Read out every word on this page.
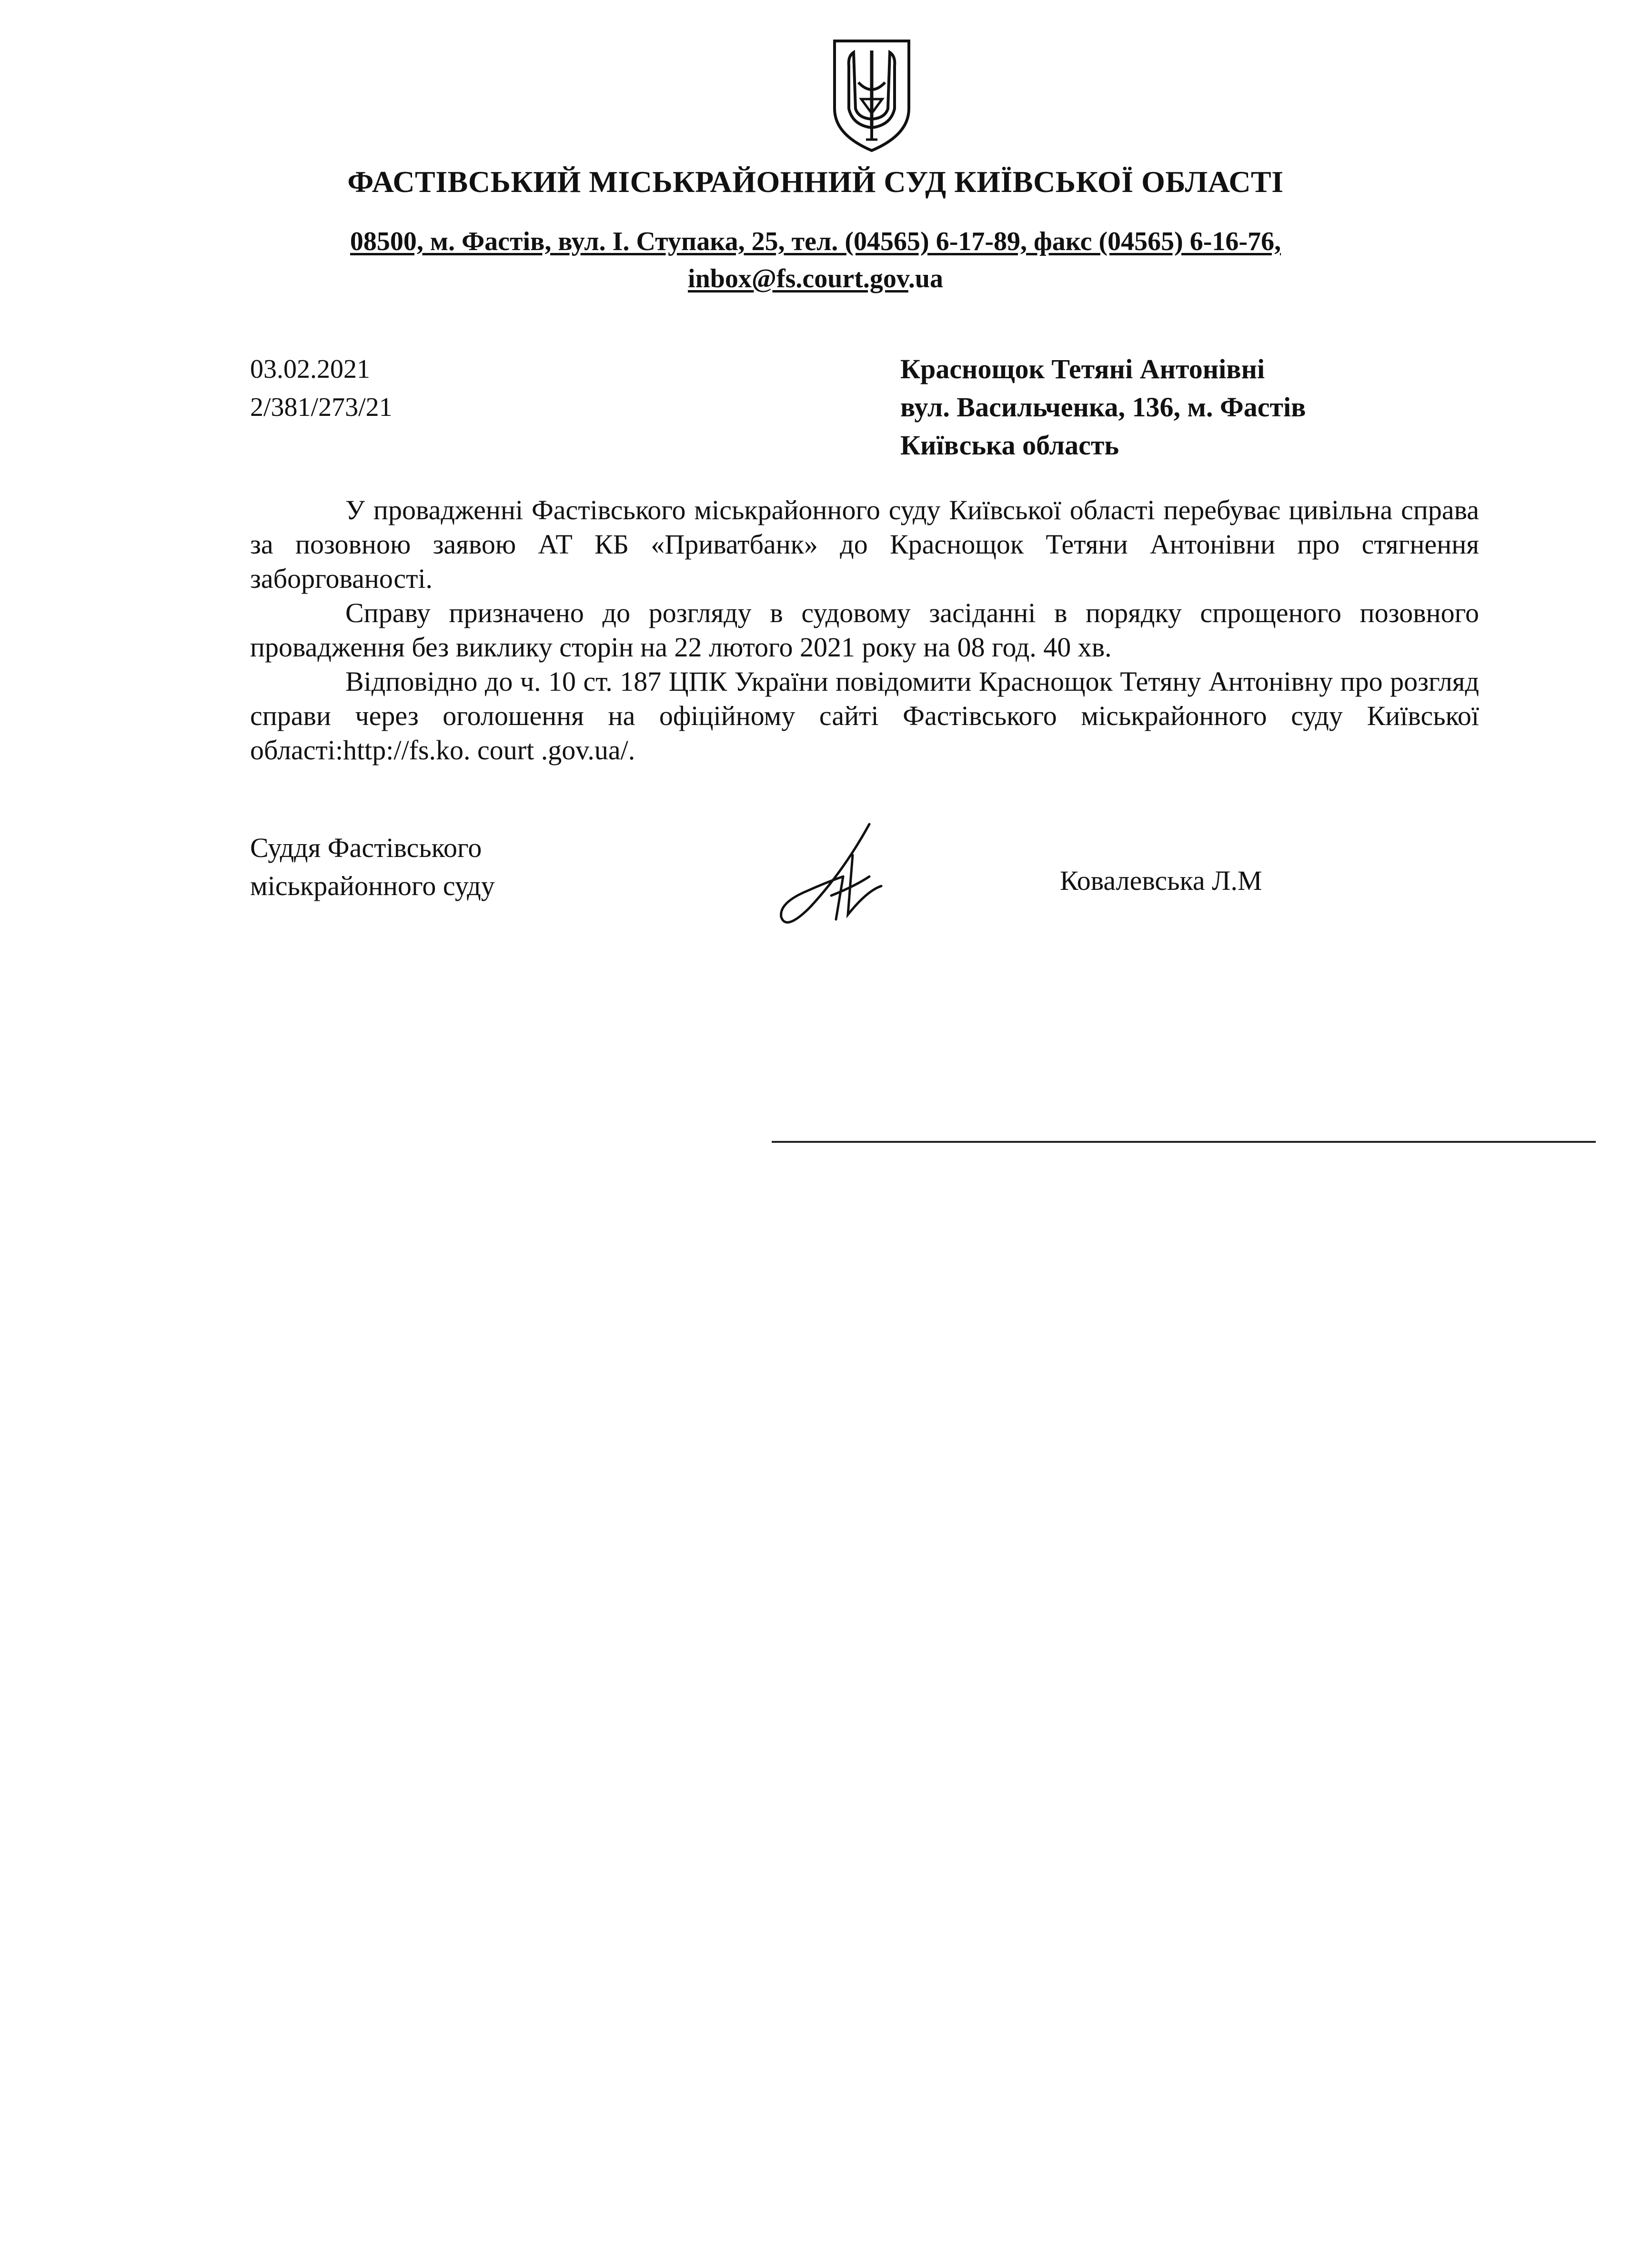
ФАСТІВСЬКИЙ МІСЬКРАЙОННИЙ СУД КИЇВСЬКОЇ ОБЛАСТІ
08500, м. Фастів, вул. І. Ступака, 25, тел. (04565) 6-17-89, факс (04565) 6-16-76,
inbox@fs.court.gov.ua
03.02.2021
2/381/273/21
Краснощок Тетяні Антонівні
вул. Васильченка, 136, м. Фастів
Київська область

У провадженні Фастівського міськрайонного суду Київської області перебуває цивільна справа за позовною заявою АТ КБ «Приватбанк» до Краснощок Тетяни Антонівни про стягнення заборгованості.

Справу призначено до розгляду в судовому засіданні в порядку спрощеного позовного провадження без виклику сторін на 22 лютого 2021 року на 08 год. 40 хв.

Відповідно до ч. 10 ст. 187 ЦПК України повідомити Краснощок Тетяну Антонівну про розгляд справи через оголошення на офіційному сайті Фастівського міськрайонного суду Київської області:http://fs.ko. court .gov.ua/.

Суддя Фастівського
міськрайонного суду	Ковалевська Л.М
